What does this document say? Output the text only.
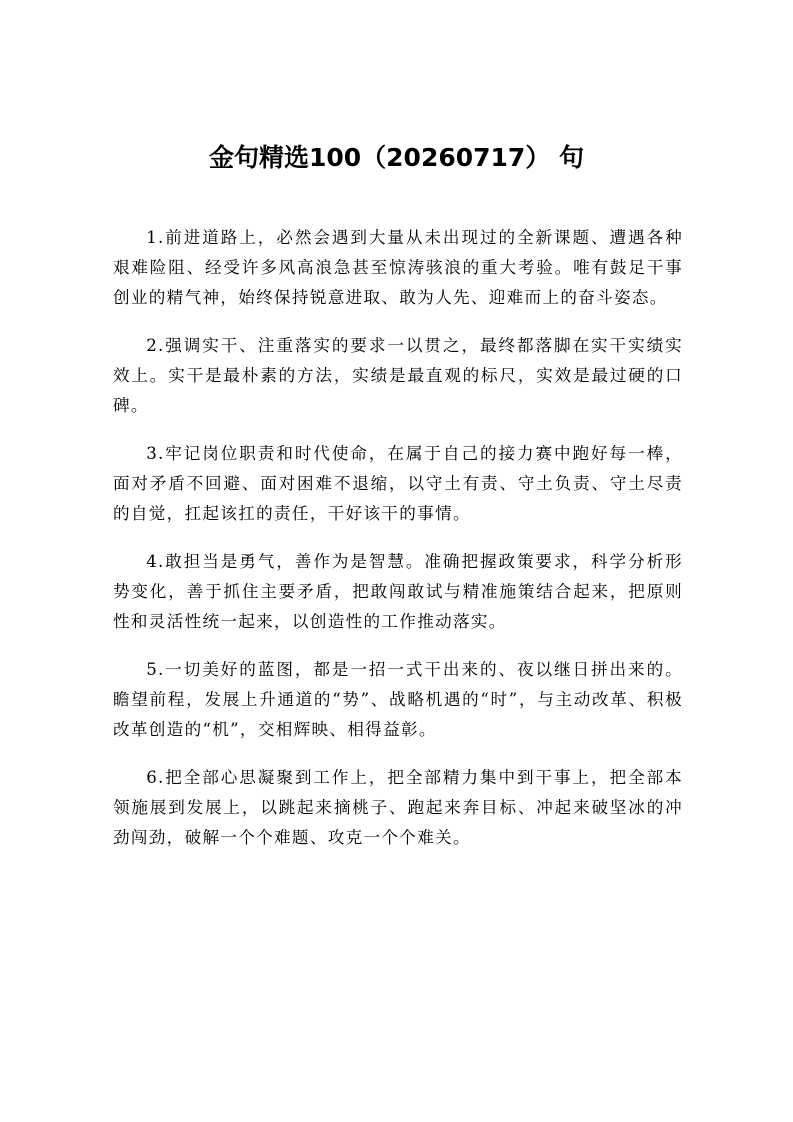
金句精选100（20260717） 句

1.前进道路上，必然会遇到大量从未出现过的全新课题、遭遇各种艰难险阻、经受许多风高浪急甚至惊涛骇浪的重大考验。唯有鼓足干事创业的精气神，始终保持锐意进取、敢为人先、迎难而上的奋斗姿态。

2.强调实干、注重落实的要求一以贯之，最终都落脚在实干实绩实效上。实干是最朴素的方法，实绩是最直观的标尺，实效是最过硬的口碑。

3.牢记岗位职责和时代使命，在属于自己的接力赛中跑好每一棒，面对矛盾不回避、面对困难不退缩，以守土有责、守土负责、守土尽责的自觉，扛起该扛的责任，干好该干的事情。

4.敢担当是勇气，善作为是智慧。准确把握政策要求，科学分析形势变化，善于抓住主要矛盾，把敢闯敢试与精准施策结合起来，把原则性和灵活性统一起来，以创造性的工作推动落实。

5.一切美好的蓝图，都是一招一式干出来的、夜以继日拼出来的。瞻望前程，发展上升通道的“势”、战略机遇的“时”，与主动改革、积极改革创造的“机”，交相辉映、相得益彰。

6.把全部心思凝聚到工作上，把全部精力集中到干事上，把全部本领施展到发展上，以跳起来摘桃子、跑起来奔目标、冲起来破坚冰的冲劲闯劲，破解一个个难题、攻克一个个难关。
